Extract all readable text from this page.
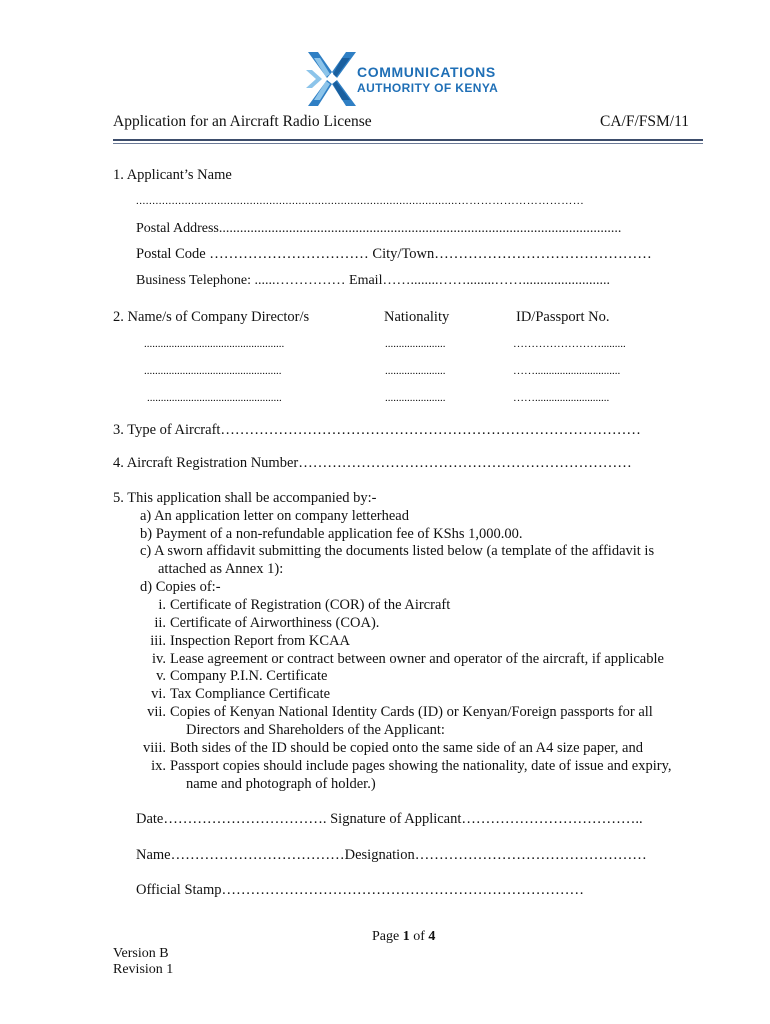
COMMUNICATIONS
AUTHORITY OF KENYA
Application for an Aircraft Radio License	CA/F/FSM/11
1. Applicant’s Name
...................................................................................................……………………………
Postal Address...................................................................................................................
Postal Code …………………………… City/Town………………………………………
Business Telephone: ......…………… Email……........……........…….........................
2. Name/s of Company Director/s	Nationality	ID/Passport No.
...................................................	......................	…………………….........
..................................................	......................	……...............................
.................................................	......................	……...........................
3. Type of Aircraft……………………………………………………………………………
4. Aircraft Registration Number……………………………………………………………
5. This application shall be accompanied by:-
a) An application letter on company letterhead
b) Payment of a non-refundable application fee of KShs 1,000.00.
c) A sworn affidavit submitting the documents listed below (a template of the affidavit is
attached as Annex 1):
d) Copies of:-
i. Certificate of Registration (COR) of the Aircraft
ii. Certificate of Airworthiness (COA).
iii. Inspection Report from KCAA
iv. Lease agreement or contract between owner and operator of the aircraft, if applicable
v. Company P.I.N. Certificate
vi. Tax Compliance Certificate
vii. Copies of Kenyan National Identity Cards (ID) or Kenyan/Foreign passports for all
Directors and Shareholders of the Applicant:
viii. Both sides of the ID should be copied onto the same side of an A4 size paper, and
ix. Passport copies should include pages showing the nationality, date of issue and expiry,
name and photograph of holder.)
Date……………………………. Signature of Applicant………………………………..
Name………………………………Designation…………………………………………
Official Stamp…………………………………………………………………
Page 1 of 4
Version B
Revision 1
